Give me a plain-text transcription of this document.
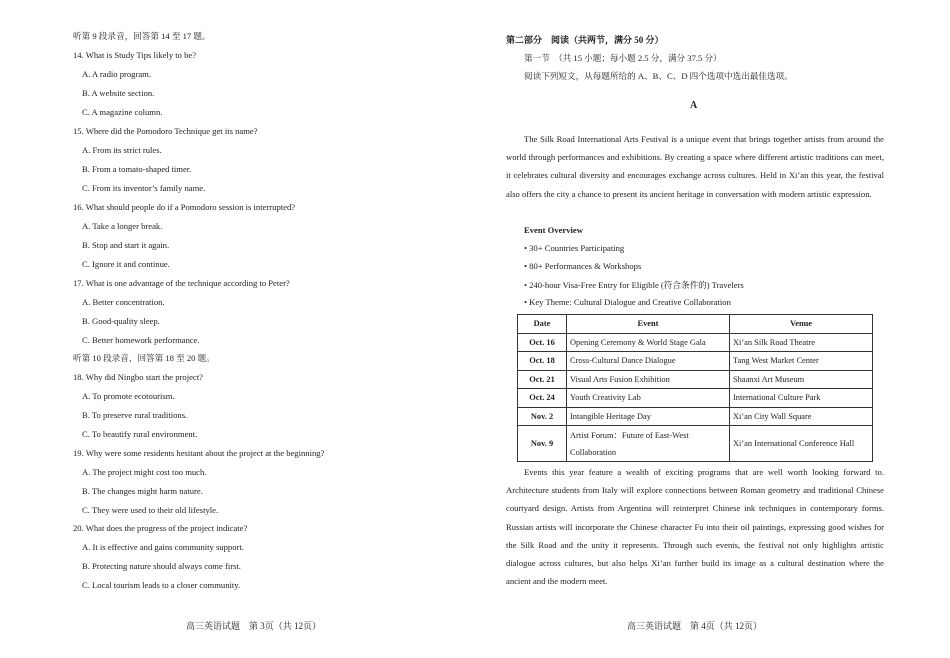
听第 9 段录音，回答第 14 至 17 题。
14. What is Study Tips likely to be?
A. A radio program.
B. A website section.
C. A magazine column.
15. Where did the Pomodoro Technique get its name?
A. From its strict rules.
B. From a tomato-shaped timer.
C. From its inventor’s family name.
16. What should people do if a Pomodoro session is interrupted?
A. Take a longer break.
B. Stop and start it again.
C. Ignore it and continue.
17. What is one advantage of the technique according to Peter?
A. Better concentration.
B. Good-quality sleep.
C. Better homework performance.
听第 10 段录音，回答第 18 至 20 题。
18. Why did Ningbo start the project?
A. To promote ecotourism.
B. To preserve rural traditions.
C. To beautify rural environment.
19. Why were some residents hesitant about the project at the beginning?
A. The project might cost too much.
B. The changes might harm nature.
C. They were used to their old lifestyle.
20. What does the progress of the project indicate?
A. It is effective and gains community support.
B. Protecting nature should always come first.
C. Local tourism leads to a closer community.
高三英语试题　第 3页（共 12页）
第二部分　阅读（共两节，满分 50 分）
第一节　（共 15 小题；每小题 2.5 分，满分 37.5 分）
阅读下列短文，从每题所给的 A、B、C、D 四个选项中选出最佳选项。
A
The Silk Road International Arts Festival is a unique event that brings together artists from around the world through performances and exhibitions. By creating a space where different artistic traditions can meet, it celebrates cultural diversity and encourages exchange across cultures. Held in Xi’an this year, the festival also offers the city a chance to present its ancient heritage in conversation with modern artistic expression.
Event Overview
• 30+ Countries Participating
• 80+ Performances & Workshops
• 240-hour Visa-Free Entry for Eligible (符合条件的) Travelers
• Key Theme: Cultural Dialogue and Creative Collaboration
Date	Event	Venue
Oct. 16	Opening Ceremony & World Stage Gala	Xi’an Silk Road Theatre
Oct. 18	Cross-Cultural Dance Dialogue	Tang West Market Center
Oct. 21	Visual Arts Fusion Exhibition	Shaanxi Art Museum
Oct. 24	Youth Creativity Lab	International Culture Park
Nov. 2	Intangible Heritage Day	Xi’an City Wall Square
Nov. 9	Artist Forum：Future of East-West Collaboration	Xi’an International Conference Hall
Events this year feature a wealth of exciting programs that are well worth looking forward to. Architecture students from Italy will explore connections between Roman geometry and traditional Chinese courtyard design. Artists from Argentina will reinterpret Chinese ink techniques in contemporary forms. Russian artists will incorporate the Chinese character Fu into their oil paintings, expressing good wishes for the Silk Road and the unity it represents. Through such events, the festival not only highlights artistic dialogue across cultures, but also helps Xi’an further build its image as a cultural destination where the ancient and the modern meet.
高三英语试题　第 4页（共 12页）
